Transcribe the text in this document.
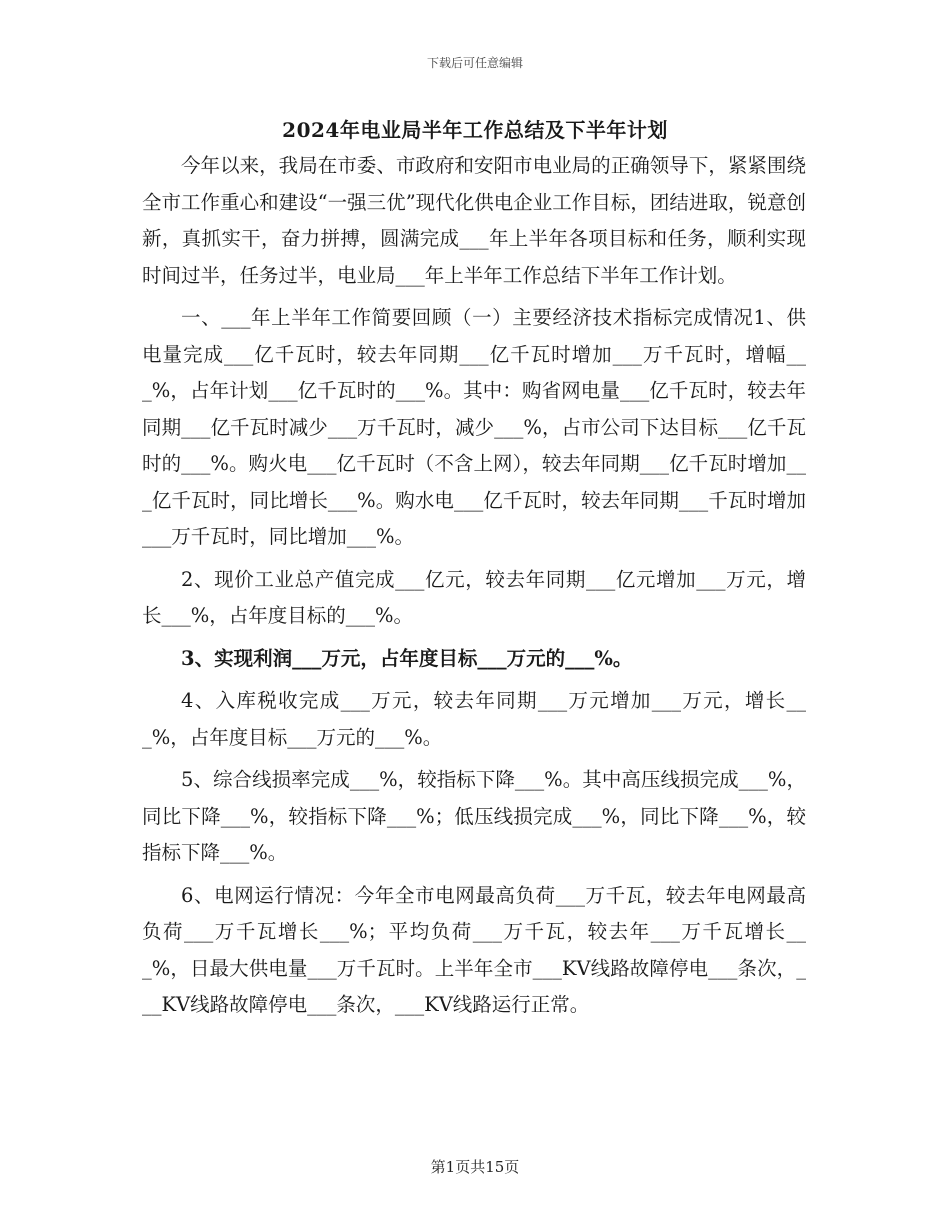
下载后可任意编辑
2024年电业局半年工作总结及下半年计划

今年以来，我局在市委、市政府和安阳市电业局的正确领导下，紧紧围绕全市工作重心和建设“一强三优”现代化供电企业工作目标，团结进取，锐意创新，真抓实干，奋力拼搏，圆满完成___年上半年各项目标和任务，顺利实现时间过半，任务过半，电业局___年上半年工作总结下半年工作计划。

一、___年上半年工作简要回顾（一）主要经济技术指标完成情况1、供电量完成___亿千瓦时，较去年同期___亿千瓦时增加___万千瓦时，增幅___%，占年计划___亿千瓦时的___%。其中：购省网电量___亿千瓦时，较去年同期___亿千瓦时减少___万千瓦时，减少___%，占市公司下达目标___亿千瓦时的___%。购火电___亿千瓦时（不含上网），较去年同期___亿千瓦时增加___亿千瓦时，同比增长___%。购水电___亿千瓦时，较去年同期___千瓦时增加___万千瓦时，同比增加___%。

2、现价工业总产值完成___亿元，较去年同期___亿元增加___万元，增长___%，占年度目标的___%。

3、实现利润___万元，占年度目标___万元的___%。

4、入库税收完成___万元，较去年同期___万元增加___万元，增长___%，占年度目标___万元的___%。

5、综合线损率完成___%，较指标下降___%。其中高压线损完成___%，同比下降___%，较指标下降___%；低压线损完成___%，同比下降___%，较指标下降___%。

6、电网运行情况：今年全市电网最高负荷___万千瓦，较去年电网最高负荷___万千瓦增长___%；平均负荷___万千瓦，较去年___万千瓦增长___%，日最大供电量___万千瓦时。上半年全市___KV线路故障停电___条次，___KV线路故障停电___条次，___KV线路运行正常。

第1页共15页
